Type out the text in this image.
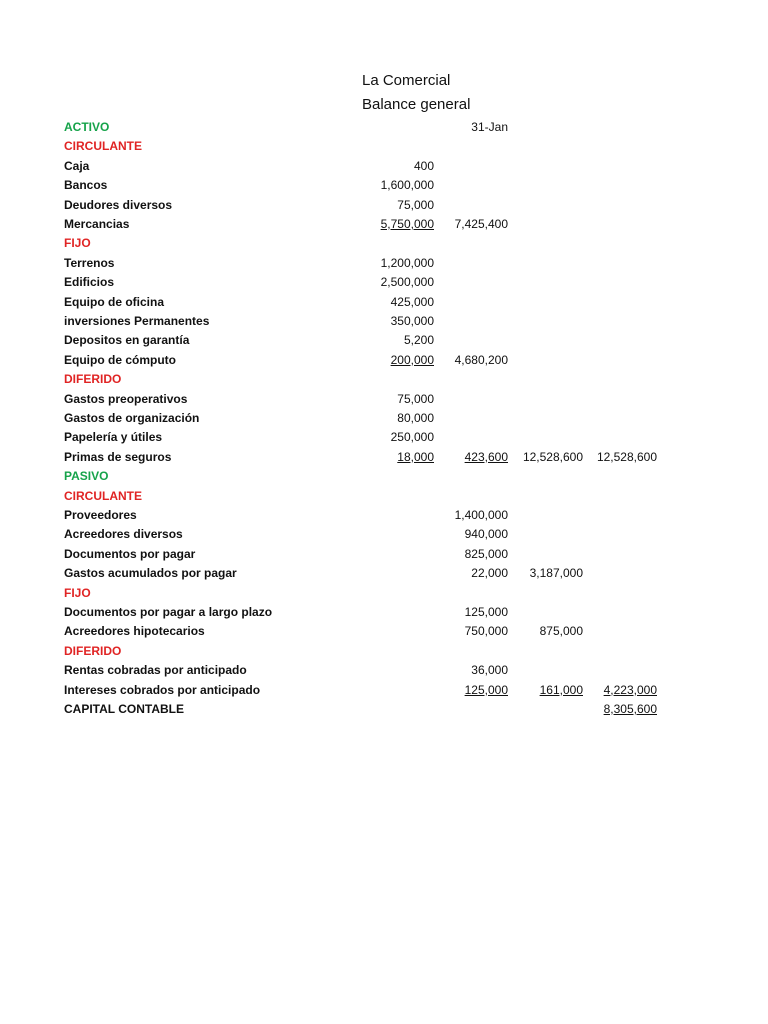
La Comercial
Balance general
31-Jan
ACTIVO
CIRCULANTE
Caja	400
Bancos	1,600,000
Deudores diversos	75,000
Mercancias	5,750,000 7,425,400
FIJO
Terrenos	1,200,000
Edificios	2,500,000
Equipo de oficina	425,000
inversiones Permanentes	350,000
Depositos en garantía	5,200
Equipo de cómputo	200,000 4,680,200
DIFERIDO
Gastos preoperativos	75,000
Gastos de organización	80,000
Papelería y útiles	250,000
Primas de seguros	18,000	423,600 12,528,600 12,528,600
PASIVO
CIRCULANTE
Proveedores	1,400,000
Acreedores diversos	940,000
Documentos por pagar	825,000
Gastos acumulados por pagar	22,000 3,187,000
FIJO
Documentos por pagar a largo plazo	125,000
Acreedores hipotecarios	750,000	875,000
DIFERIDO
Rentas cobradas por anticipado	36,000
Intereses cobrados por anticipado	125,000	161,000 4,223,000
CAPITAL CONTABLE	8,305,600
